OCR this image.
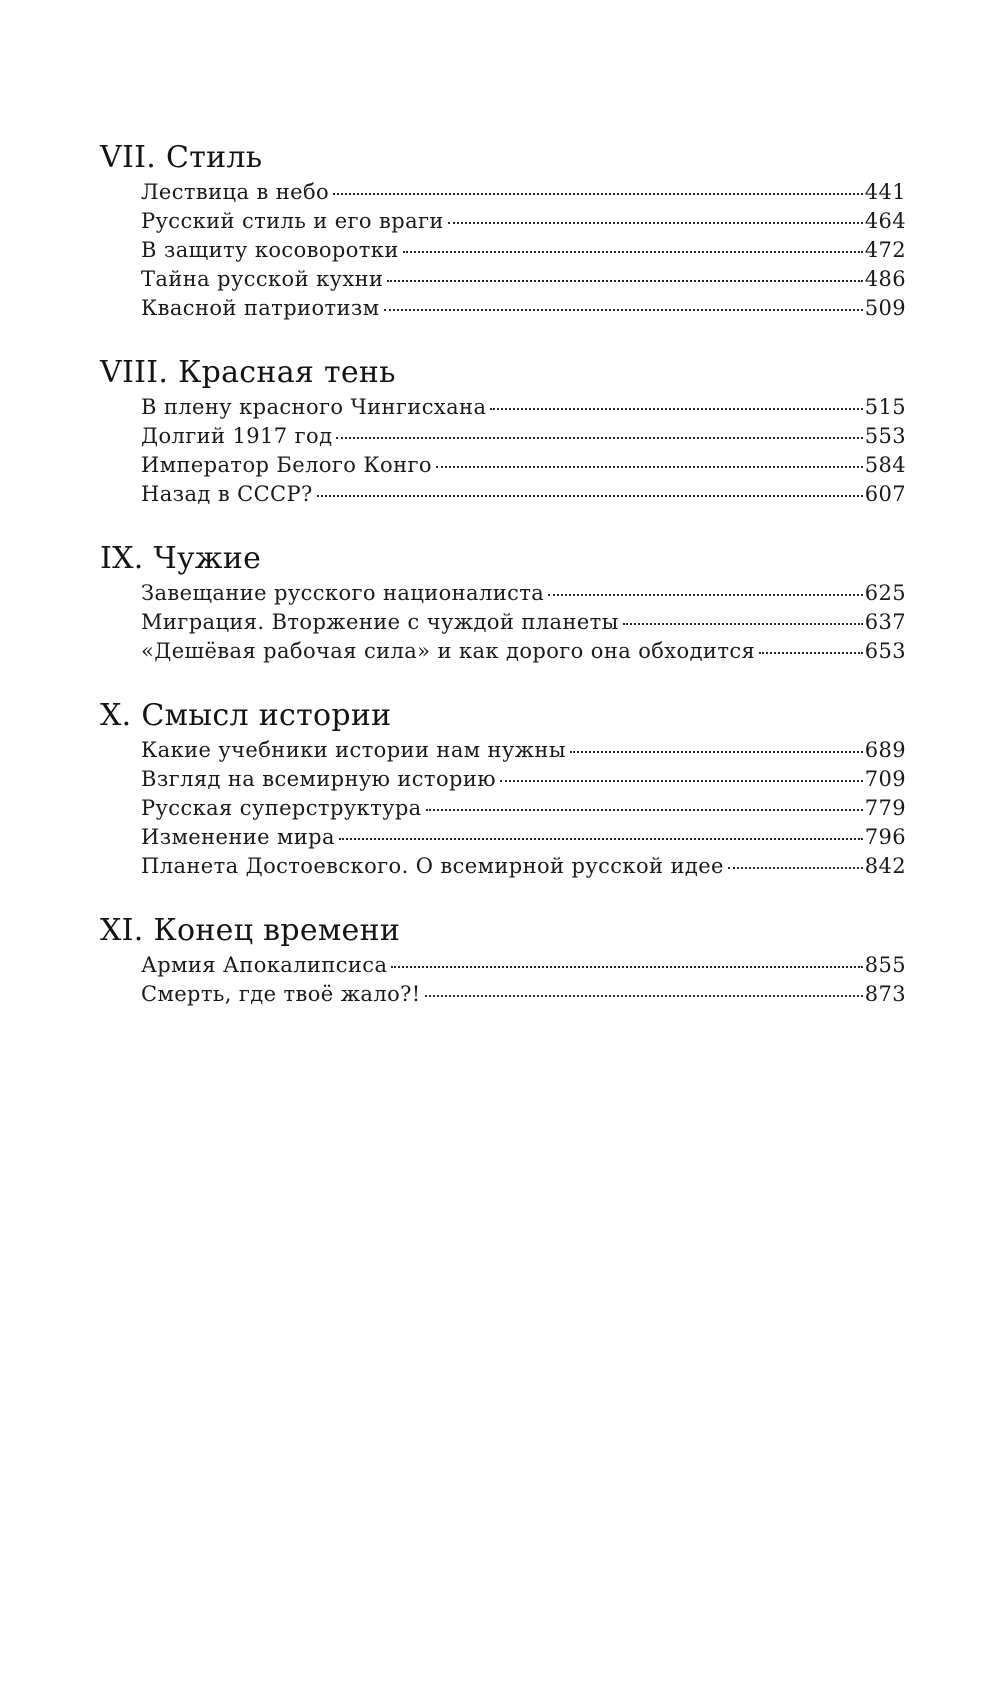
VII. Стиль
Лествица в небо	441
Русский стиль и его враги	464
В защиту косоворотки	472
Тайна русской кухни	486
Квасной патриотизм	509
VIII. Красная тень
В плену красного Чингисхана	515
Долгий 1917 год	553
Император Белого Конго	584
Назад в СССР?	607
IX. Чужие
Завещание русского националиста	625
Миграция. Вторжение с чуждой планеты	637
«Дешёвая рабочая сила» и как дорого она обходится	653
X. Смысл истории
Какие учебники истории нам нужны	689
Взгляд на всемирную историю	709
Русская суперструктура	779
Изменение мира	796
Планета Достоевского. О всемирной русской идее	842
XI. Конец времени
Армия Апокалипсиса	855
Смерть, где твоё жало?!	873
